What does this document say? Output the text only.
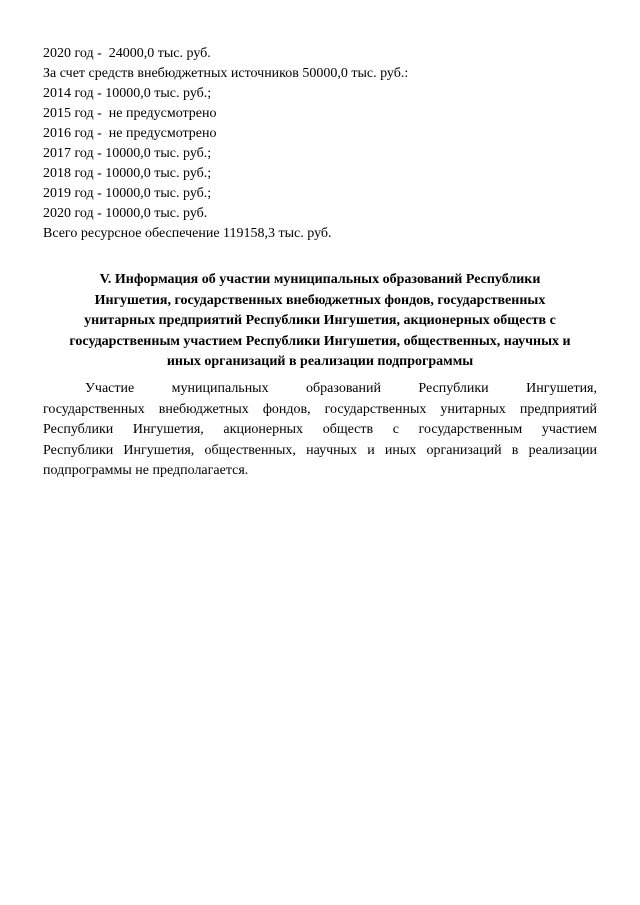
2020 год -  24000,0 тыс. руб.
За счет средств внебюджетных источников 50000,0 тыс. руб.:
2014 год - 10000,0 тыс. руб.;
2015 год -  не предусмотрено
2016 год -  не предусмотрено
2017 год - 10000,0 тыс. руб.;
2018 год - 10000,0 тыс. руб.;
2019 год - 10000,0 тыс. руб.;
2020 год - 10000,0 тыс. руб.
Всего ресурсное обеспечение 119158,3 тыс. руб.
V. Информация об участии муниципальных образований Республики
Ингушетия, государственных внебюджетных фондов, государственных
унитарных предприятий Республики Ингушетия, акционерных обществ с
государственным участием Республики Ингушетия, общественных, научных и
иных организаций в реализации подпрограммы
Участие муниципальных образований Республики Ингушетия,
государственных внебюджетных фондов, государственных унитарных предприятий
Республики Ингушетия, акционерных обществ с государственным участием
Республики Ингушетия, общественных, научных и иных организаций в реализации
подпрограммы не предполагается.
